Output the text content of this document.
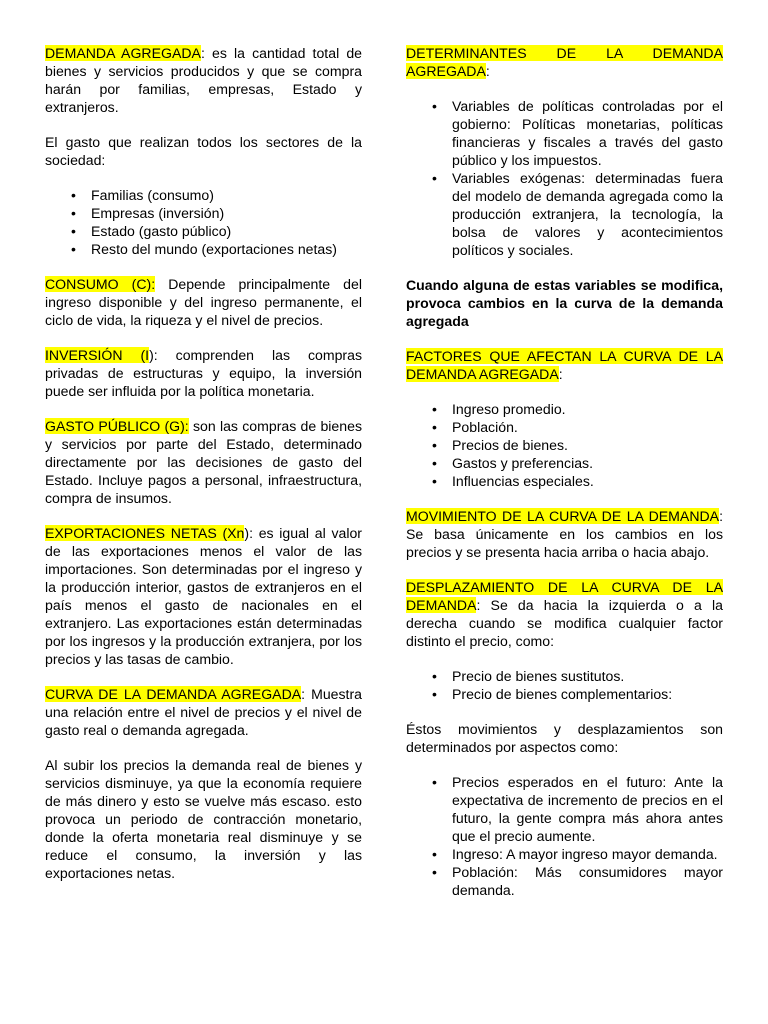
DEMANDA AGREGADA: es la cantidad total de bienes y servicios producidos y que se compra harán por familias, empresas, Estado y extranjeros.

El gasto que realizan todos los sectores de la sociedad:

• Familias (consumo)
• Empresas (inversión)
• Estado (gasto público)
• Resto del mundo (exportaciones netas)

CONSUMO (C): Depende principalmente del ingreso disponible y del ingreso permanente, el ciclo de vida, la riqueza y el nivel de precios.

INVERSIÓN (I): comprenden las compras privadas de estructuras y equipo, la inversión puede ser influida por la política monetaria.

GASTO PÚBLICO (G): son las compras de bienes y servicios por parte del Estado, determinado directamente por las decisiones de gasto del Estado. Incluye pagos a personal, infraestructura, compra de insumos.

EXPORTACIONES NETAS (Xn): es igual al valor de las exportaciones menos el valor de las importaciones. Son determinadas por el ingreso y la producción interior, gastos de extranjeros en el país menos el gasto de nacionales en el extranjero. Las exportaciones están determinadas por los ingresos y la producción extranjera, por los precios y las tasas de cambio.

CURVA DE LA DEMANDA AGREGADA: Muestra una relación entre el nivel de precios y el nivel de gasto real o demanda agregada.

Al subir los precios la demanda real de bienes y servicios disminuye, ya que la economía requiere de más dinero y esto se vuelve más escaso. esto provoca un periodo de contracción monetario, donde la oferta monetaria real disminuye y se reduce el consumo, la inversión y las exportaciones netas.

DETERMINANTES DE LA DEMANDA AGREGADA:

• Variables de políticas controladas por el gobierno: Políticas monetarias, políticas financieras y fiscales a través del gasto público y los impuestos.
• Variables exógenas: determinadas fuera del modelo de demanda agregada como la producción extranjera, la tecnología, la bolsa de valores y acontecimientos políticos y sociales.

Cuando alguna de estas variables se modifica, provoca cambios en la curva de la demanda agregada

FACTORES QUE AFECTAN LA CURVA DE LA DEMANDA AGREGADA:

• Ingreso promedio.
• Población.
• Precios de bienes.
• Gastos y preferencias.
• Influencias especiales.

MOVIMIENTO DE LA CURVA DE LA DEMANDA: Se basa únicamente en los cambios en los precios y se presenta hacia arriba o hacia abajo.

DESPLAZAMIENTO DE LA CURVA DE LA DEMANDA: Se da hacia la izquierda o a la derecha cuando se modifica cualquier factor distinto el precio, como:

• Precio de bienes sustitutos.
• Precio de bienes complementarios:

Éstos movimientos y desplazamientos son determinados por aspectos como:

• Precios esperados en el futuro: Ante la expectativa de incremento de precios en el futuro, la gente compra más ahora antes que el precio aumente.
• Ingreso: A mayor ingreso mayor demanda.
• Población: Más consumidores mayor demanda.
